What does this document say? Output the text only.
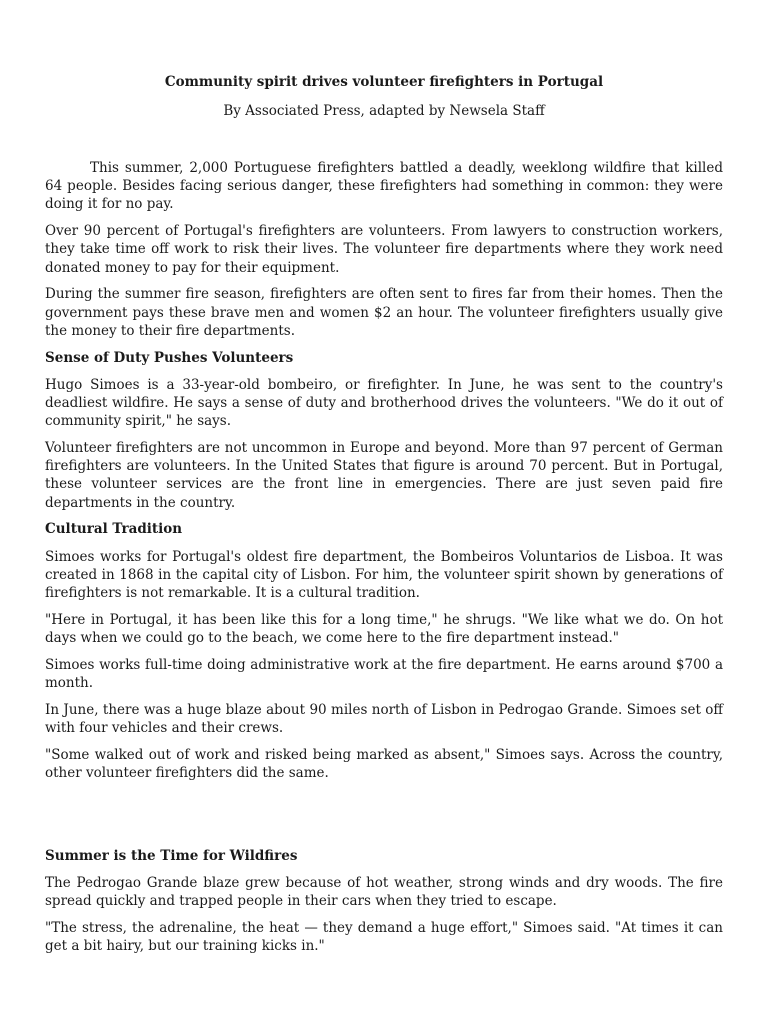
Community spirit drives volunteer firefighters in Portugal
By Associated Press, adapted by Newsela Staff

This summer, 2,000 Portuguese firefighters battled a deadly, weeklong wildfire that killed 64 people. Besides facing serious danger, these firefighters had something in common: they were doing it for no pay.

Over 90 percent of Portugal's firefighters are volunteers. From lawyers to construction workers, they take time off work to risk their lives. The volunteer fire departments where they work need donated money to pay for their equipment.

During the summer fire season, firefighters are often sent to fires far from their homes. Then the government pays these brave men and women $2 an hour. The volunteer firefighters usually give the money to their fire departments.

Sense of Duty Pushes Volunteers

Hugo Simoes is a 33-year-old bombeiro, or firefighter. In June, he was sent to the country's deadliest wildfire. He says a sense of duty and brotherhood drives the volunteers. "We do it out of community spirit," he says.

Volunteer firefighters are not uncommon in Europe and beyond. More than 97 percent of German firefighters are volunteers. In the United States that figure is around 70 percent. But in Portugal, these volunteer services are the front line in emergencies. There are just seven paid fire departments in the country.

Cultural Tradition

Simoes works for Portugal's oldest fire department, the Bombeiros Voluntarios de Lisboa. It was created in 1868 in the capital city of Lisbon. For him, the volunteer spirit shown by generations of firefighters is not remarkable. It is a cultural tradition.

"Here in Portugal, it has been like this for a long time," he shrugs. "We like what we do. On hot days when we could go to the beach, we come here to the fire department instead."

Simoes works full-time doing administrative work at the fire department. He earns around $700 a month.

In June, there was a huge blaze about 90 miles north of Lisbon in Pedrogao Grande. Simoes set off with four vehicles and their crews.

"Some walked out of work and risked being marked as absent," Simoes says. Across the country, other volunteer firefighters did the same.

Summer is the Time for Wildfires

The Pedrogao Grande blaze grew because of hot weather, strong winds and dry woods. The fire spread quickly and trapped people in their cars when they tried to escape.

"The stress, the adrenaline, the heat — they demand a huge effort," Simoes said. "At times it can get a bit hairy, but our training kicks in."
